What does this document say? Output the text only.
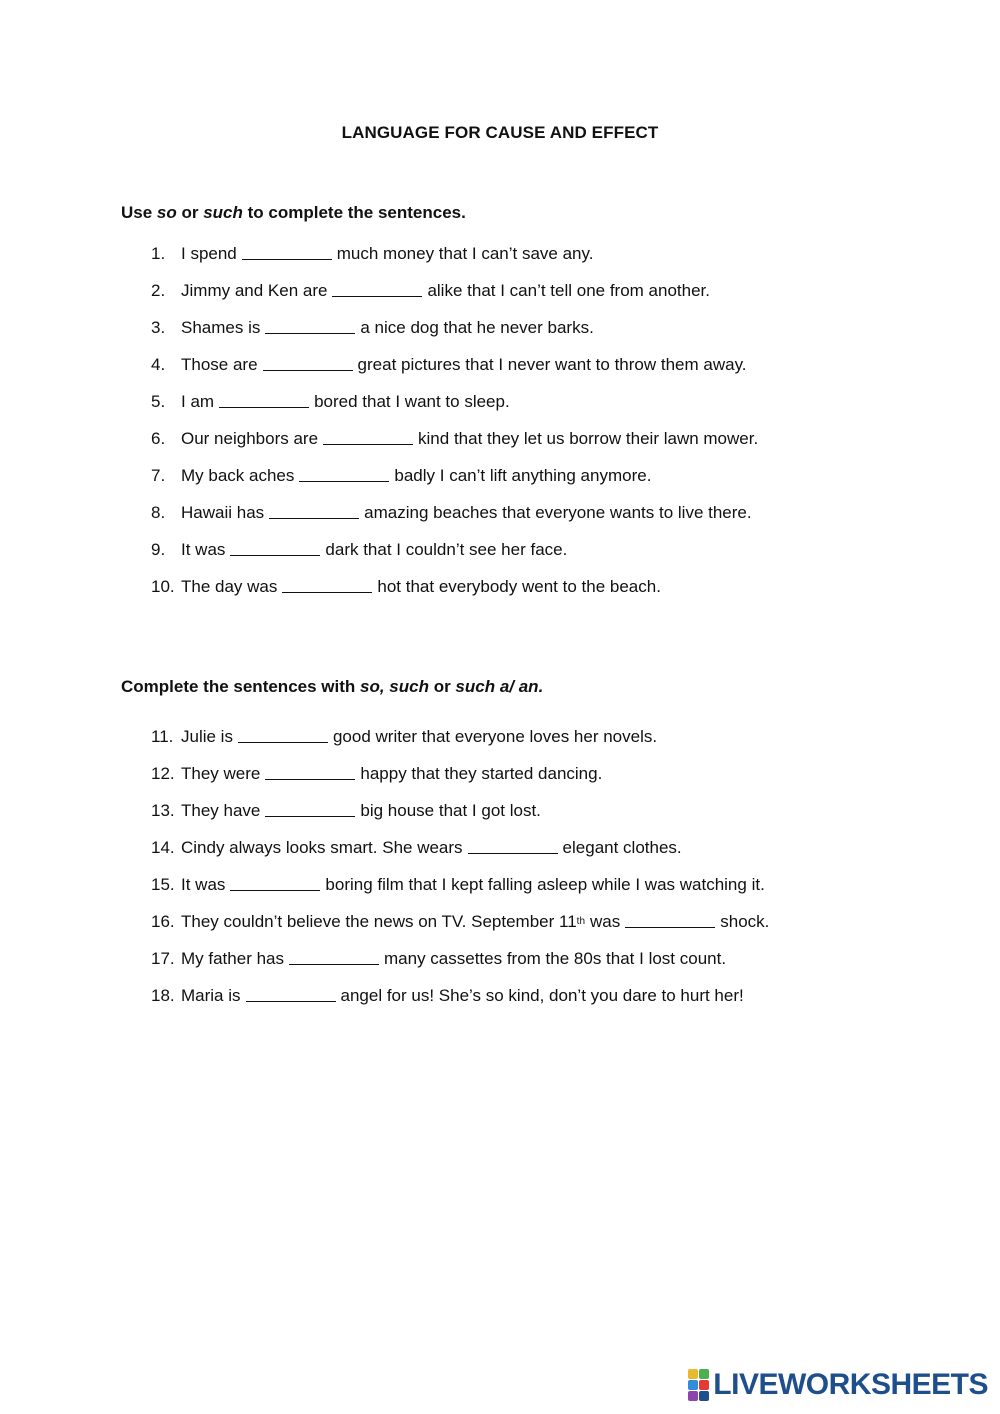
LANGUAGE FOR CAUSE AND EFFECT
Use so or such to complete the sentences.
1. I spend	much money that I can’t save any.
2. Jimmy and Ken are	alike that I can’t tell one from another.
3. Shames is	a nice dog that he never barks.
4. Those are	great pictures that I never want to throw them away.
5. I am	bored that I want to sleep.
6. Our neighbors are	kind that they let us borrow their lawn mower.
7. My back aches	badly I can’t lift anything anymore.
8. Hawaii has	amazing beaches that everyone wants to live there.
9. It was	dark that I couldn’t see her face.
10. The day was	hot that everybody went to the beach.
Complete the sentences with so, such or such a/ an.
11. Julie is	good writer that everyone loves her novels.
12. They were	happy that they started dancing.
13. They have	big house that I got lost.
14. Cindy always looks smart. She wears	elegant clothes.
15. It was	boring film that I kept falling asleep while I was watching it.
16. They couldn’t believe the news on TV. September 11 th was	shock.
17. My father has	many cassettes from the 80s that I lost count.
18. Maria is	angel for us! She’s so kind, don’t you dare to hurt her!
LIVEWORKSHEETS
